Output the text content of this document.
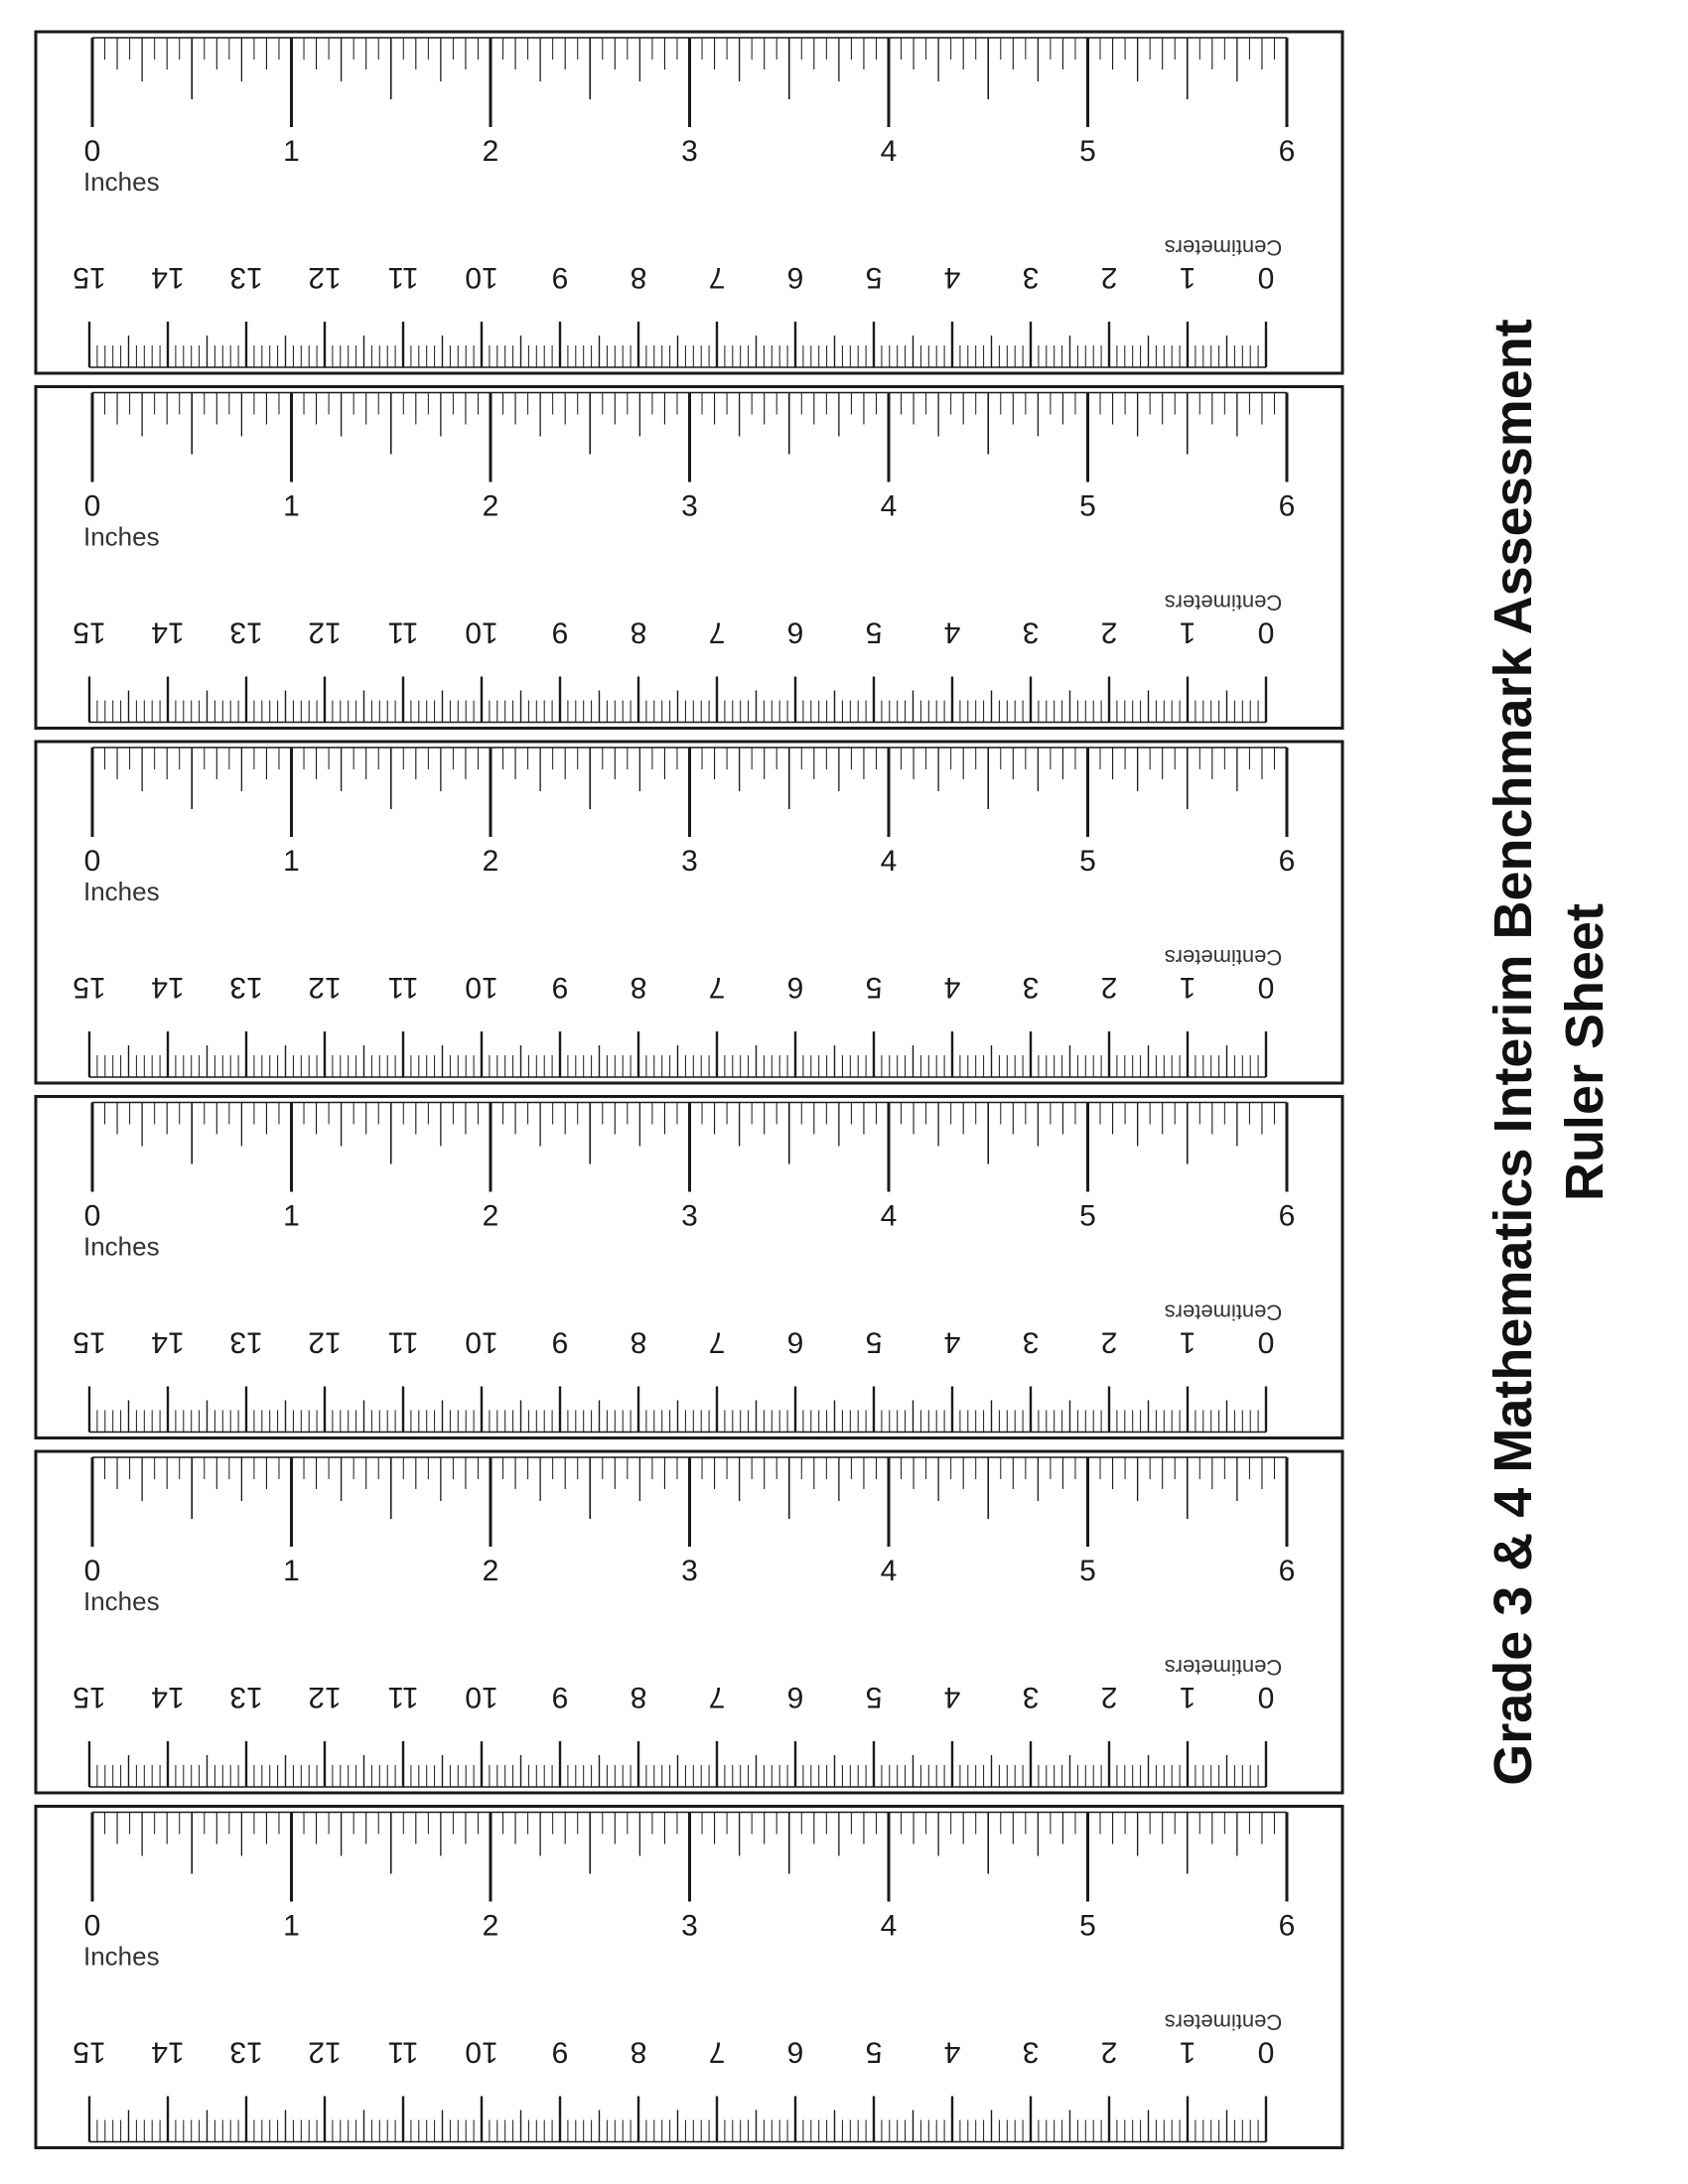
0	1	2	3	4	5	6
Inches
0
1
2
3
4
5
6
7
8
9
10
11
12
13
14
15
Centimeters
0	1	2	3	4	5	6
Inches
0
1
2
3
4
5
6
7
8
9
10
11
12
13
14
15
Centimeters
0	1	2	3	4	5	6
Inches
0
1
2
3
4
5
6
7
8
9
10
11
12
13
14
15
Centimeters
0	1	2	3	4	5	6
Inches
0
1
2
3
4
5
6
7
8
9
10
11
12
13
14
15
Centimeters
0	1	2	3	4	5	6
Inches
0
1
2
3
4
5
6
7
8
9
10
11
12
13
14
15
Centimeters
0	1	2	3	4	5	6
Inches
0
1
2
3
4
5
6
7
8
9
10
11
12
13
14
15
Centimeters
Grade 3 & 4 Mathematics Interim Benchmark Assessment Ruler Sheet
